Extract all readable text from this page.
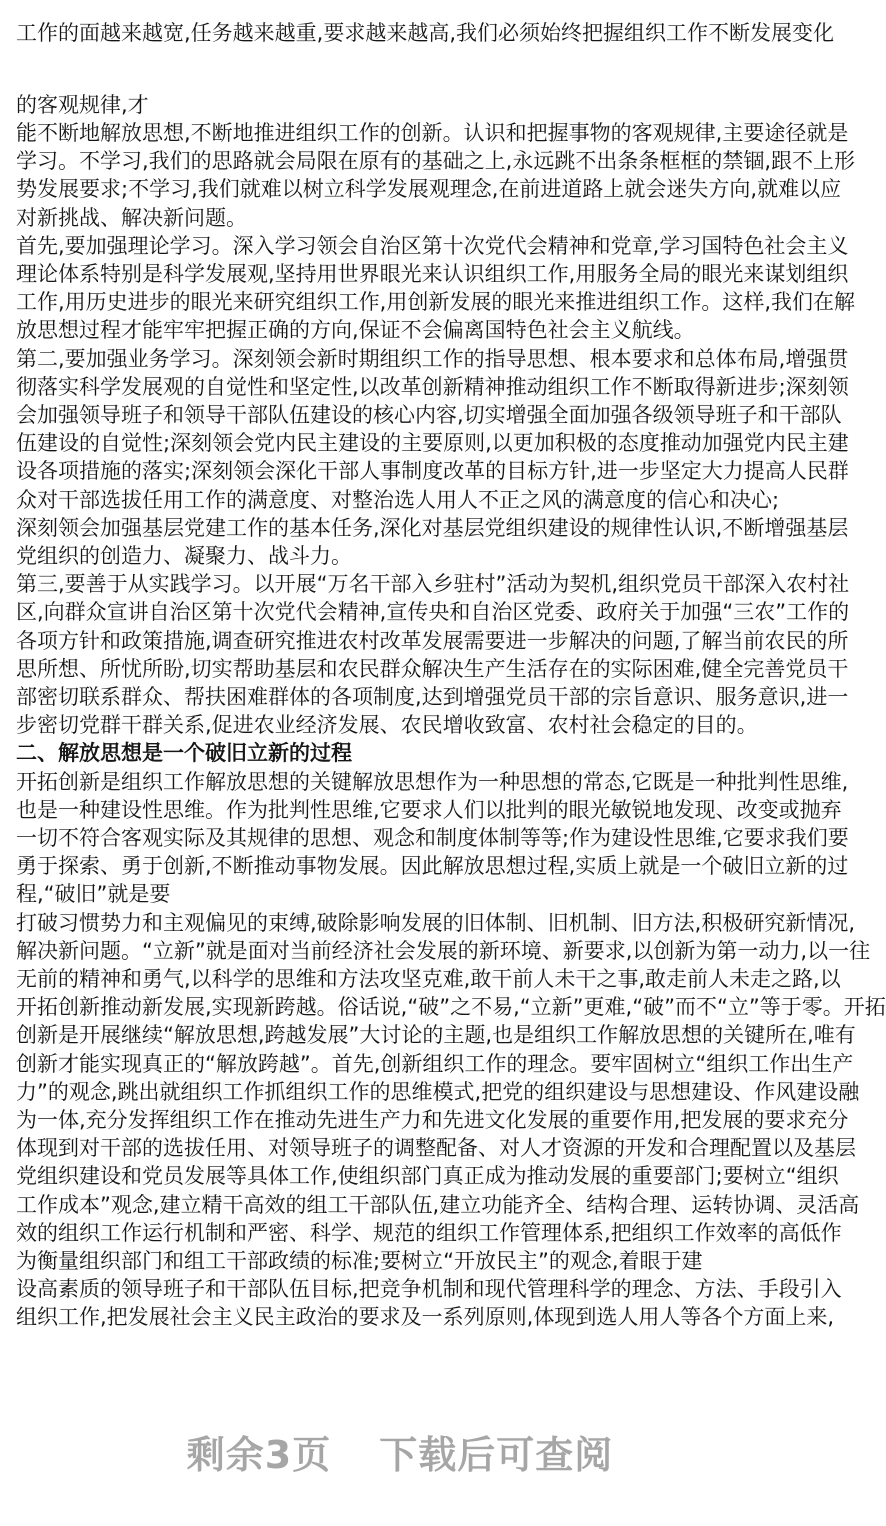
工作的面越来越宽,任务越来越重,要求越来越高,我们必须始终把握组织工作不断发展变化
的客观规律,才
能不断地解放思想,不断地推进组织工作的创新。认识和把握事物的客观规律,主要途径就是
学习。不学习,我们的思路就会局限在原有的基础之上,永远跳不出条条框框的禁锢,跟不上形
势发展要求;不学习,我们就难以树立科学发展观理念,在前进道路上就会迷失方向,就难以应
对新挑战、解决新问题。
首先,要加强理论学习。深入学习领会自治区第十次党代会精神和党章,学习国特色社会主义
理论体系特别是科学发展观,坚持用世界眼光来认识组织工作,用服务全局的眼光来谋划组织
工作,用历史进步的眼光来研究组织工作,用创新发展的眼光来推进组织工作。这样,我们在解
放思想过程才能牢牢把握正确的方向,保证不会偏离国特色社会主义航线。
第二,要加强业务学习。深刻领会新时期组织工作的指导思想、根本要求和总体布局,增强贯
彻落实科学发展观的自觉性和坚定性,以改革创新精神推动组织工作不断取得新进步;深刻领
会加强领导班子和领导干部队伍建设的核心内容,切实增强全面加强各级领导班子和干部队
伍建设的自觉性;深刻领会党内民主建设的主要原则,以更加积极的态度推动加强党内民主建
设各项措施的落实;深刻领会深化干部人事制度改革的目标方针,进一步坚定大力提高人民群
众对干部选拔任用工作的满意度、对整治选人用人不正之风的满意度的信心和决心;
深刻领会加强基层党建工作的基本任务,深化对基层党组织建设的规律性认识,不断增强基层
党组织的创造力、凝聚力、战斗力。
第三,要善于从实践学习。以开展“万名干部入乡驻村”活动为契机,组织党员干部深入农村社
区,向群众宣讲自治区第十次党代会精神,宣传央和自治区党委、政府关于加强“三农”工作的
各项方针和政策措施,调查研究推进农村改革发展需要进一步解决的问题,了解当前农民的所
思所想、所忧所盼,切实帮助基层和农民群众解决生产生活存在的实际困难,健全完善党员干
部密切联系群众、帮扶困难群体的各项制度,达到增强党员干部的宗旨意识、服务意识,进一
步密切党群干群关系,促进农业经济发展、农民增收致富、农村社会稳定的目的。
二、解放思想是一个破旧立新的过程
开拓创新是组织工作解放思想的关键解放思想作为一种思想的常态,它既是一种批判性思维,
也是一种建设性思维。作为批判性思维,它要求人们以批判的眼光敏锐地发现、改变或抛弃
一切不符合客观实际及其规律的思想、观念和制度体制等等;作为建设性思维,它要求我们要
勇于探索、勇于创新,不断推动事物发展。因此解放思想过程,实质上就是一个破旧立新的过
程,“破旧”就是要
打破习惯势力和主观偏见的束缚,破除影响发展的旧体制、旧机制、旧方法,积极研究新情况,
解决新问题。“立新”就是面对当前经济社会发展的新环境、新要求,以创新为第一动力,以一往
无前的精神和勇气,以科学的思维和方法攻坚克难,敢干前人未干之事,敢走前人未走之路,以
开拓创新推动新发展,实现新跨越。俗话说,“破”之不易,“立新”更难,“破”而不“立”等于零。开拓
创新是开展继续“解放思想,跨越发展”大讨论的主题,也是组织工作解放思想的关键所在,唯有
创新才能实现真正的“解放跨越”。首先,创新组织工作的理念。要牢固树立“组织工作出生产
力”的观念,跳出就组织工作抓组织工作的思维模式,把党的组织建设与思想建设、作风建设融
为一体,充分发挥组织工作在推动先进生产力和先进文化发展的重要作用,把发展的要求充分
体现到对干部的选拔任用、对领导班子的调整配备、对人才资源的开发和合理配置以及基层
党组织建设和党员发展等具体工作,使组织部门真正成为推动发展的重要部门;要树立“组织
工作成本”观念,建立精干高效的组工干部队伍,建立功能齐全、结构合理、运转协调、灵活高
效的组织工作运行机制和严密、科学、规范的组织工作管理体系,把组织工作效率的高低作
为衡量组织部门和组工干部政绩的标准;要树立“开放民主”的观念,着眼于建
设高素质的领导班子和干部队伍目标,把竞争机制和现代管理科学的理念、方法、手段引入
组织工作,把发展社会主义民主政治的要求及一系列原则,体现到选人用人等各个方面上来,
剩余3页 下载后可查阅
